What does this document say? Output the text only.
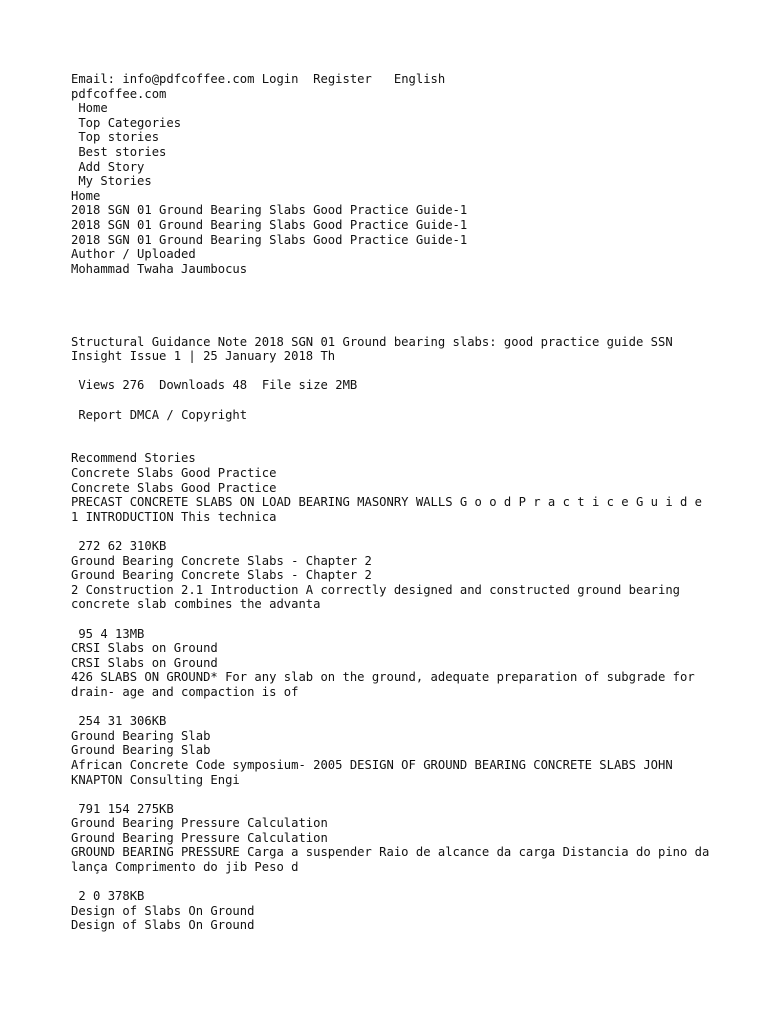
Email: info@pdfcoffee.com Login Register English
pdfcoffee.com
Home
Top Categories
Top stories
Best stories
Add Story
My Stories
Home
2018 SGN 01 Ground Bearing Slabs Good Practice Guide-1
2018 SGN 01 Ground Bearing Slabs Good Practice Guide-1
2018 SGN 01 Ground Bearing Slabs Good Practice Guide-1
Author / Uploaded
Mohammad Twaha Jaumbocus
Structural Guidance Note 2018 SGN 01 Ground bearing slabs: good practice guide SSN Insight Issue 1 | 25 January 2018 Th
Views 276 Downloads 48 File size 2MB
Report DMCA / Copyright
Recommend Stories
Concrete Slabs Good Practice
Concrete Slabs Good Practice
PRECAST CONCRETE SLABS ON LOAD BEARING MASONRY WALLS G o o d P r a c t i c e G u i d e 1 INTRODUCTION This technica
272 62 310KB
Ground Bearing Concrete Slabs - Chapter 2
Ground Bearing Concrete Slabs - Chapter 2
2 Construction 2.1 Introduction A correctly designed and constructed ground bearing concrete slab combines the advanta
95 4 13MB
CRSI Slabs on Ground
CRSI Slabs on Ground
426 SLABS ON GROUND* For any slab on the ground, adequate preparation of subgrade for drain- age and compaction is of
254 31 306KB
Ground Bearing Slab
Ground Bearing Slab
African Concrete Code symposium- 2005 DESIGN OF GROUND BEARING CONCRETE SLABS JOHN KNAPTON Consulting Engi
791 154 275KB
Ground Bearing Pressure Calculation
Ground Bearing Pressure Calculation
GROUND BEARING PRESSURE Carga a suspender Raio de alcance da carga Distancia do pino da lança Comprimento do jib Peso d
2 0 378KB
Design of Slabs On Ground
Design of Slabs On Ground
